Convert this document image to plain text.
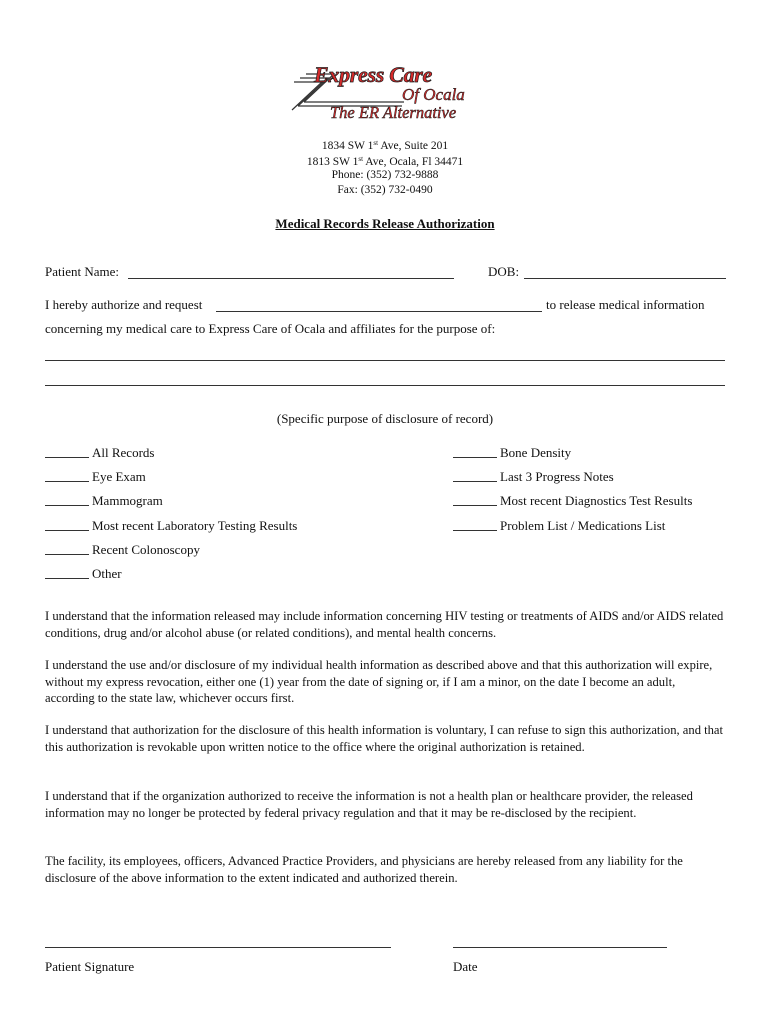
Express Care
Of Ocala
The ER Alternative
1834 SW 1st Ave, Suite 201
1813 SW 1st Ave, Ocala, Fl 34471
Phone: (352) 732-9888
Fax: (352) 732-0490
Medical Records Release Authorization
Patient Name:	DOB:
I hereby authorize and request	to release medical information
concerning my medical care to Express Care of Ocala and affiliates for the purpose of:
(Specific purpose of disclosure of record)
All Records
Eye Exam
Mammogram
Most recent Laboratory Testing Results
Recent Colonoscopy
Other
Bone Density
Last 3 Progress Notes
Most recent Diagnostics Test Results
Problem List / Medications List
I understand that the information released may include information concerning HIV testing or treatments of AIDS and/or AIDS related conditions, drug and/or alcohol abuse (or related conditions), and mental health concerns.
I understand the use and/or disclosure of my individual health information as described above and that this authorization will expire, without my express revocation, either one (1) year from the date of signing or, if I am a minor, on the date I become an adult, according to the state law, whichever occurs first.
I understand that authorization for the disclosure of this health information is voluntary, I can refuse to sign this authorization, and that this authorization is revokable upon written notice to the office where the original authorization is retained.
I understand that if the organization authorized to receive the information is not a health plan or healthcare provider, the released information may no longer be protected by federal privacy regulation and that it may be re-disclosed by the recipient.
The facility, its employees, officers, Advanced Practice Providers, and physicians are hereby released from any liability for the disclosure of the above information to the extent indicated and authorized therein.
Patient Signature	Date
